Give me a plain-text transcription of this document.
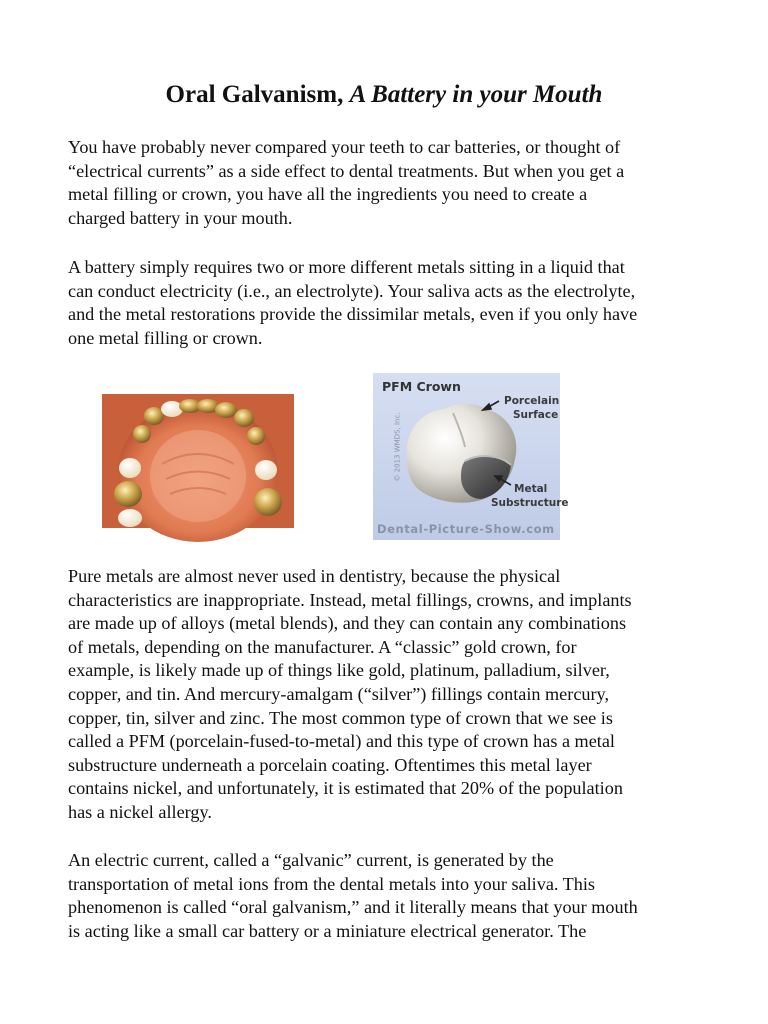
Oral Galvanism, A Battery in your Mouth

You have probably never compared your teeth to car batteries, or thought of
“electrical currents” as a side effect to dental treatments. But when you get a
metal filling or crown, you have all the ingredients you need to create a
charged battery in your mouth.

A battery simply requires two or more different metals sitting in a liquid that
can conduct electricity (i.e., an electrolyte). Your saliva acts as the electrolyte,
and the metal restorations provide the dissimilar metals, even if you only have
one metal filling or crown.

PFM Crown
Porcelain
Surface
Metal
Substructure
© 2013 WMDS, Inc.
Dental-Picture-Show.com

Pure metals are almost never used in dentistry, because the physical
characteristics are inappropriate. Instead, metal fillings, crowns, and implants
are made up of alloys (metal blends), and they can contain any combinations
of metals, depending on the manufacturer. A “classic” gold crown, for
example, is likely made up of things like gold, platinum, palladium, silver,
copper, and tin. And mercury-amalgam (“silver”) fillings contain mercury,
copper, tin, silver and zinc. The most common type of crown that we see is
called a PFM (porcelain-fused-to-metal) and this type of crown has a metal
substructure underneath a porcelain coating. Oftentimes this metal layer
contains nickel, and unfortunately, it is estimated that 20% of the population
has a nickel allergy.

An electric current, called a “galvanic” current, is generated by the
transportation of metal ions from the dental metals into your saliva. This
phenomenon is called “oral galvanism,” and it literally means that your mouth
is acting like a small car battery or a miniature electrical generator. The
